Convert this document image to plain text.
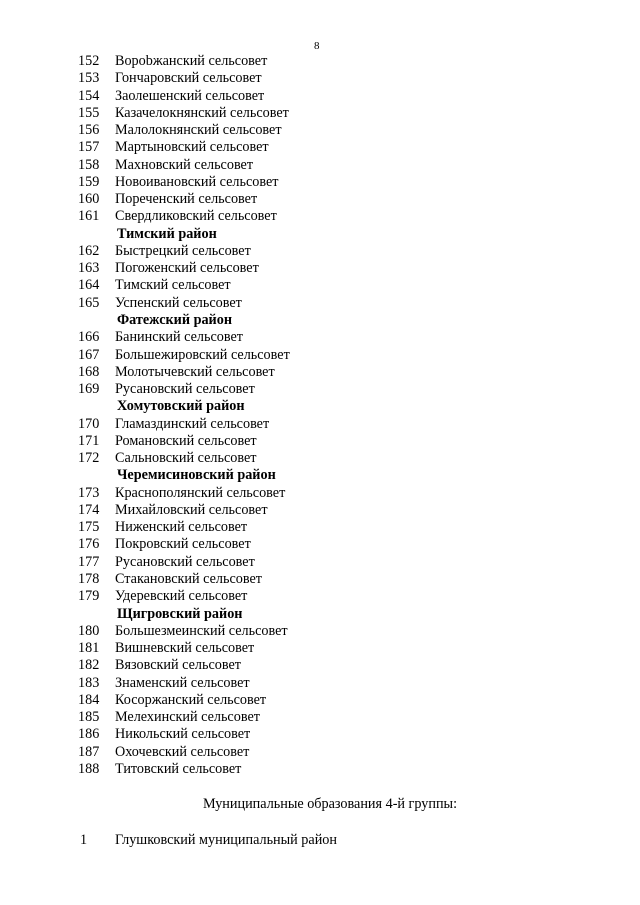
8
152	Ворobжанский сельсовет
153	Гончаровский сельсовет
154	Заолешенский сельсовет
155	Казачелокнянский сельсовет
156	Малолокнянский сельсовет
157	Мартыновский сельсовет
158	Махновский сельсовет
159	Новоивановский сельсовет
160	Пореченский сельсовет
161	Свердликовский сельсовет
Тимский район
162	Быстрецкий сельсовет
163	Погоженский сельсовет
164	Тимский сельсовет
165	Успенский сельсовет
Фатежский район
166	Банинский сельсовет
167	Большежировский сельсовет
168	Молотычевский сельсовет
169	Русановский сельсовет
Хомутовский район
170	Гламаздинский сельсовет
171	Романовский сельсовет
172	Сальновский сельсовет
Черемисиновский район
173	Краснополянский сельсовет
174	Михайловский сельсовет
175	Ниженский сельсовет
176	Покровский сельсовет
177	Русановский сельсовет
178	Стакановский сельсовет
179	Удеревский сельсовет
Щигровский район
180	Большезмеинский сельсовет
181	Вишневский сельсовет
182	Вязовский сельсовет
183	Знаменский сельсовет
184	Косоржанский сельсовет
185	Мелехинский сельсовет
186	Никольский сельсовет
187	Охочевский сельсовет
188	Титовский сельсовет
Муниципальные образования 4-й группы:
1	Глушковский муниципальный район
